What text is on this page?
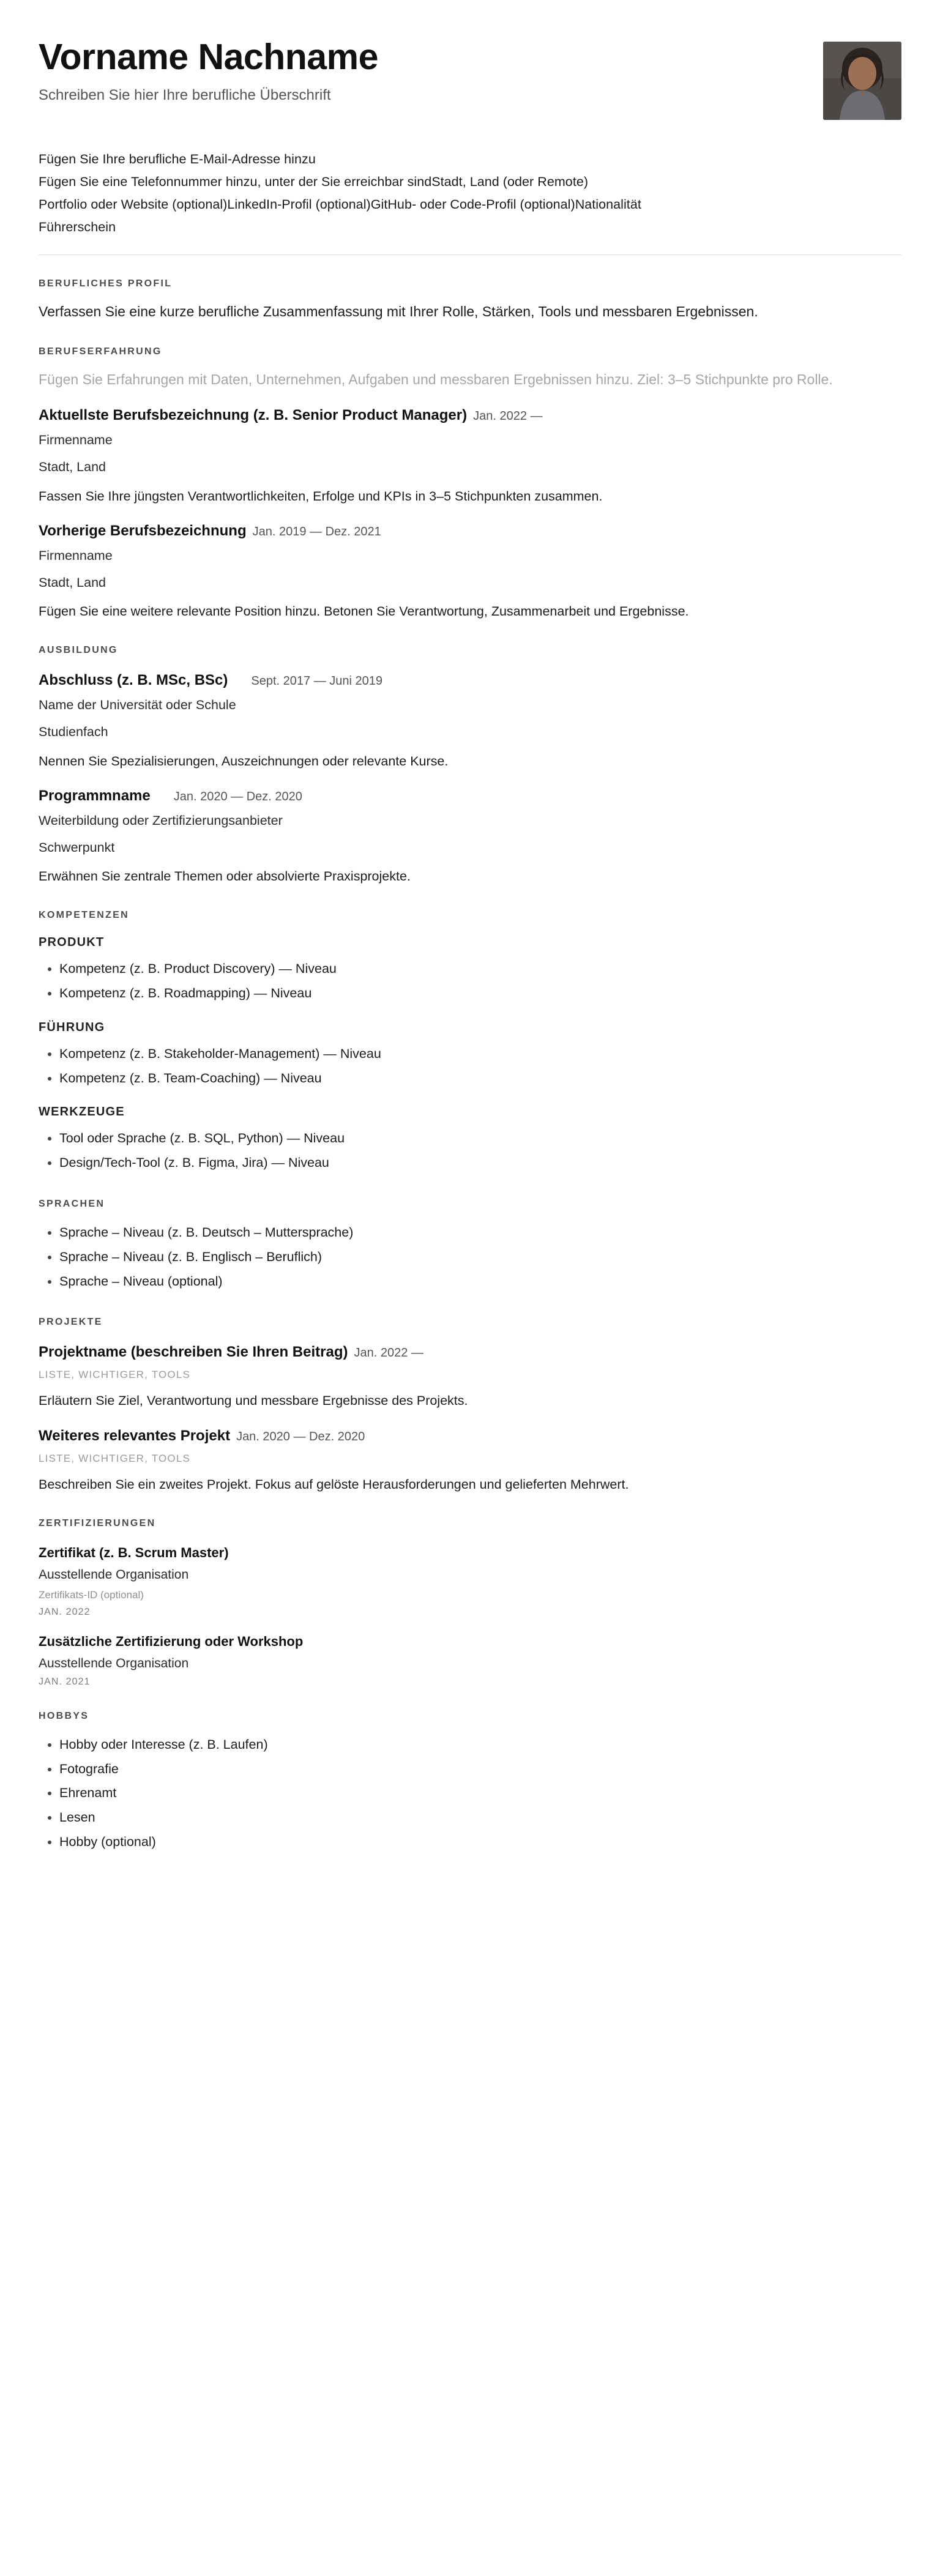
Vorname Nachname

Schreiben Sie hier Ihre berufliche Überschrift

Fügen Sie Ihre berufliche E-Mail-Adresse hinzu
Fügen Sie eine Telefonnummer hinzu, unter der Sie erreichbar sindStadt, Land (oder Remote)
Portfolio oder Website (optional)LinkedIn-Profil (optional)GitHub- oder Code-Profil (optional)Nationalität
Führerschein
BERUFLICHES PROFIL
Verfassen Sie eine kurze berufliche Zusammenfassung mit Ihrer Rolle, Stärken, Tools und messbaren Ergebnissen.
BERUFSERFAHRUNG
Fügen Sie Erfahrungen mit Daten, Unternehmen, Aufgaben und messbaren Ergebnissen hinzu. Ziel: 3–5 Stichpunkte pro Rolle.
Aktuellste Berufsbezeichnung (z. B. Senior Product Manager) Jan. 2022 —
Firmenname
Stadt, Land
Fassen Sie Ihre jüngsten Verantwortlichkeiten, Erfolge und KPIs in 3–5 Stichpunkten zusammen.
Vorherige Berufsbezeichnung Jan. 2019 — Dez. 2021
Firmenname
Stadt, Land
Fügen Sie eine weitere relevante Position hinzu. Betonen Sie Verantwortung, Zusammenarbeit und Ergebnisse.
AUSBILDUNG
Abschluss (z. B. MSc, BSc) Sept. 2017 — Juni 2019
Name der Universität oder Schule
Studienfach
Nennen Sie Spezialisierungen, Auszeichnungen oder relevante Kurse.
Programmname Jan. 2020 — Dez. 2020
Weiterbildung oder Zertifizierungsanbieter
Schwerpunkt
Erwähnen Sie zentrale Themen oder absolvierte Praxisprojekte.
KOMPETENZEN
PRODUKT
• Kompetenz (z. B. Product Discovery) — Niveau
• Kompetenz (z. B. Roadmapping) — Niveau
FÜHRUNG
• Kompetenz (z. B. Stakeholder-Management) — Niveau
• Kompetenz (z. B. Team-Coaching) — Niveau
WERKZEUGE
• Tool oder Sprache (z. B. SQL, Python) — Niveau
• Design/Tech-Tool (z. B. Figma, Jira) — Niveau
SPRACHEN
• Sprache – Niveau (z. B. Deutsch – Muttersprache)
• Sprache – Niveau (z. B. Englisch – Beruflich)
• Sprache – Niveau (optional)
PROJEKTE
Projektname (beschreiben Sie Ihren Beitrag) Jan. 2022 —
LISTE, WICHTIGER, TOOLS
Erläutern Sie Ziel, Verantwortung und messbare Ergebnisse des Projekts.
Weiteres relevantes Projekt Jan. 2020 — Dez. 2020
LISTE, WICHTIGER, TOOLS
Beschreiben Sie ein zweites Projekt. Fokus auf gelöste Herausforderungen und gelieferten Mehrwert.
ZERTIFIZIERUNGEN
Zertifikat (z. B. Scrum Master)
Ausstellende Organisation
Zertifikats-ID (optional)
JAN. 2022
Zusätzliche Zertifizierung oder Workshop
Ausstellende Organisation
JAN. 2021
HOBBYS
• Hobby oder Interesse (z. B. Laufen)
• Fotografie
• Ehrenamt
• Lesen
• Hobby (optional)
